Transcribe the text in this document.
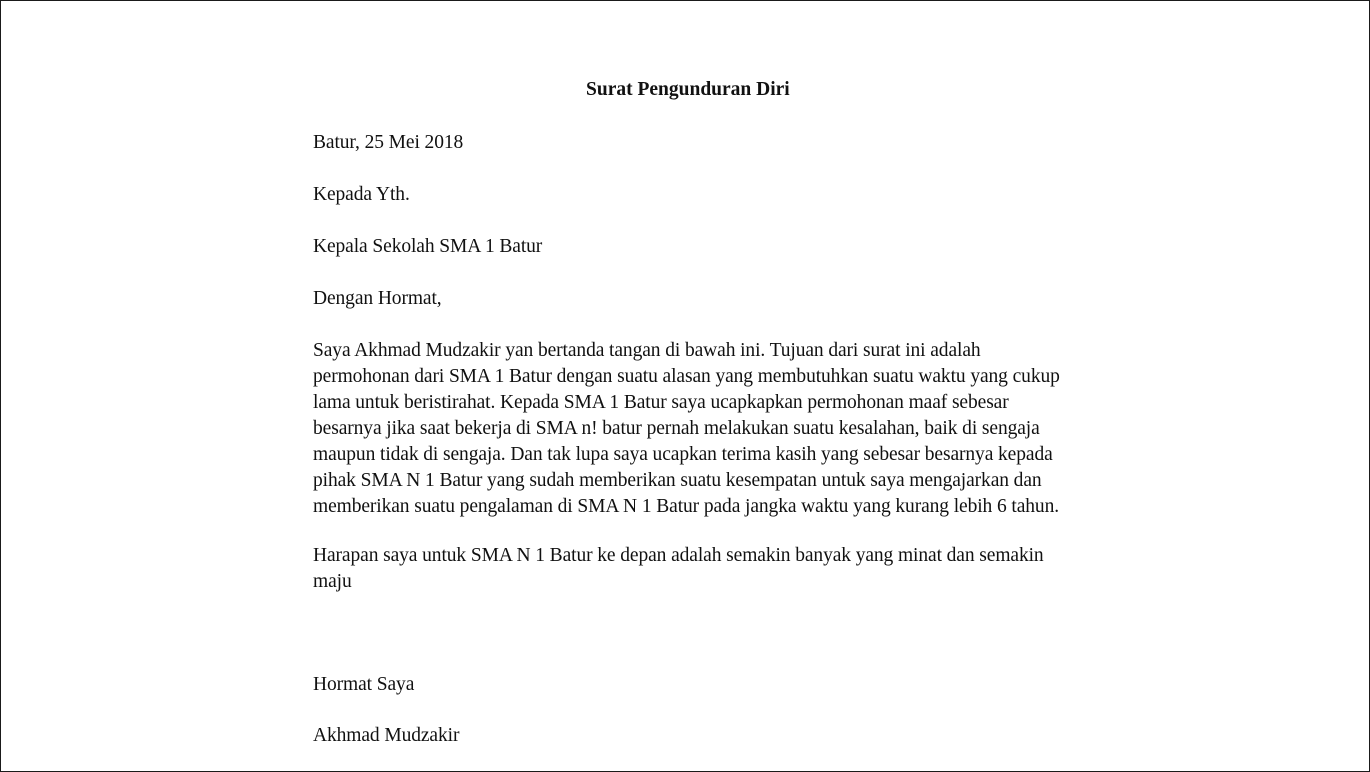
Surat Pengunduran Diri
Batur, 25 Mei 2018
Kepada Yth.
Kepala Sekolah SMA 1 Batur
Dengan Hormat,
Saya Akhmad Mudzakir yan bertanda tangan di bawah ini. Tujuan dari surat ini adalah
permohonan dari SMA 1 Batur dengan suatu alasan yang membutuhkan suatu waktu yang cukup
lama untuk beristirahat. Kepada SMA 1 Batur saya ucapkapkan permohonan maaf sebesar
besarnya jika saat bekerja di SMA n! batur pernah melakukan suatu kesalahan, baik di sengaja
maupun tidak di sengaja. Dan tak lupa saya ucapkan terima kasih yang sebesar besarnya kepada
pihak SMA N 1 Batur yang sudah memberikan suatu kesempatan untuk saya mengajarkan dan
memberikan suatu pengalaman di SMA N 1 Batur pada jangka waktu yang kurang lebih 6 tahun.
Harapan saya untuk SMA N 1 Batur ke depan adalah semakin banyak yang minat dan semakin
maju
Hormat Saya
Akhmad Mudzakir
